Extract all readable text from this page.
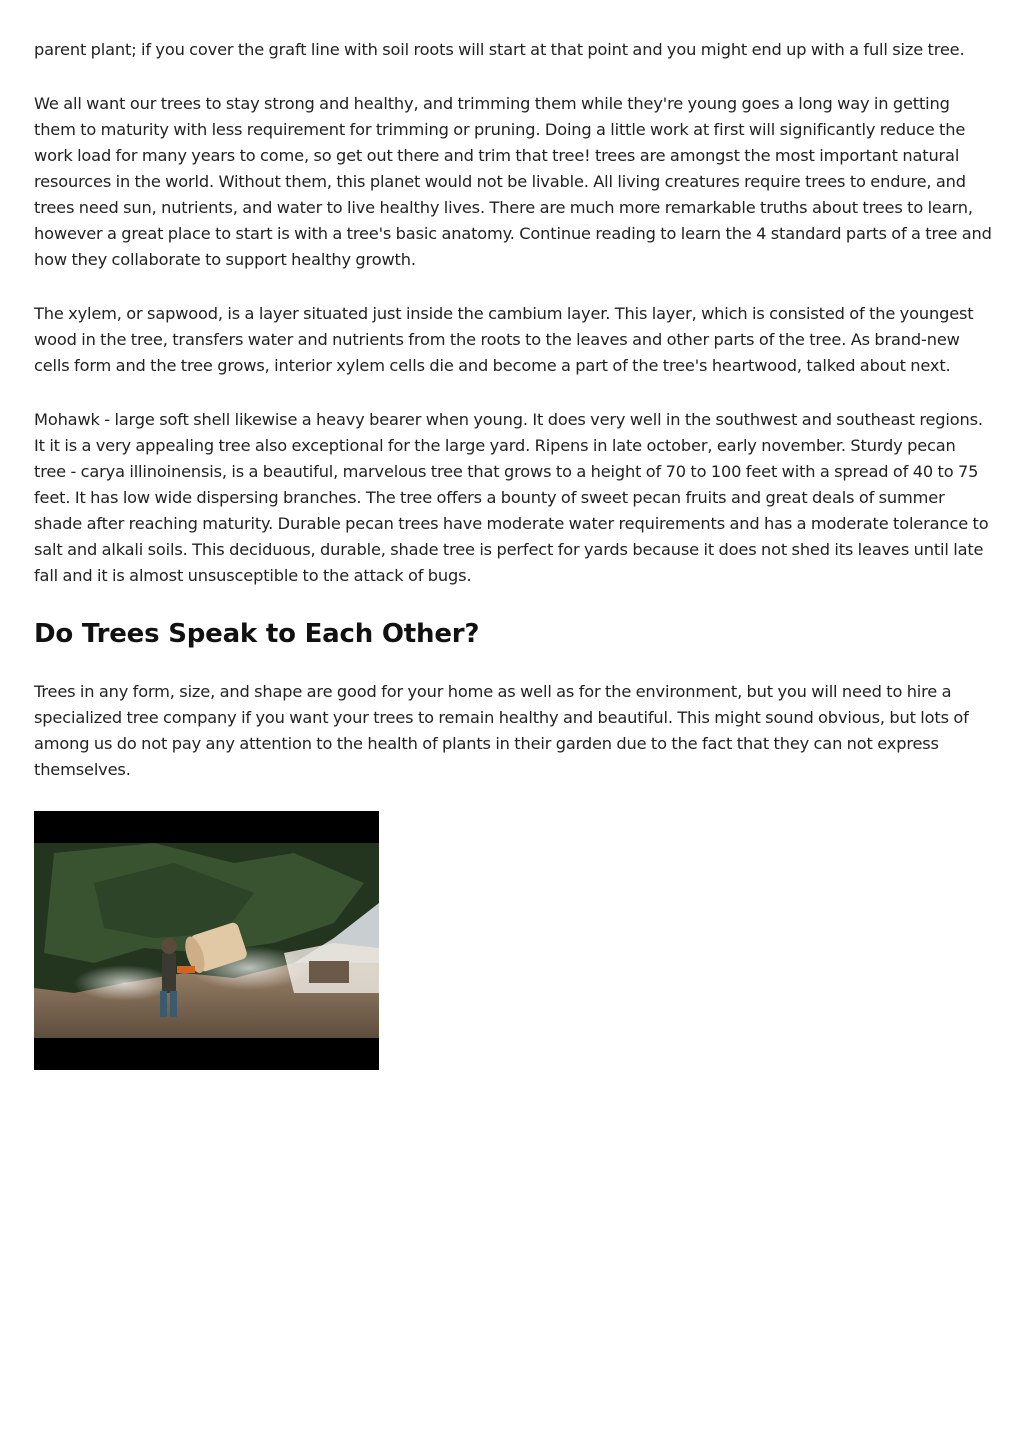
parent plant; if you cover the graft line with soil roots will start at that point and you might end up with a full size tree.

We all want our trees to stay strong and healthy, and trimming them while they're young goes a long way in getting them to maturity with less requirement for trimming or pruning. Doing a little work at first will significantly reduce the work load for many years to come, so get out there and trim that tree! trees are amongst the most important natural resources in the world. Without them, this planet would not be livable. All living creatures require trees to endure, and trees need sun, nutrients, and water to live healthy lives. There are much more remarkable truths about trees to learn, however a great place to start is with a tree's basic anatomy. Continue reading to learn the 4 standard parts of a tree and how they collaborate to support healthy growth.

The xylem, or sapwood, is a layer situated just inside the cambium layer. This layer, which is consisted of the youngest wood in the tree, transfers water and nutrients from the roots to the leaves and other parts of the tree. As brand-new cells form and the tree grows, interior xylem cells die and become a part of the tree's heartwood, talked about next.

Mohawk - large soft shell likewise a heavy bearer when young. It does very well in the southwest and southeast regions. It it is a very appealing tree also exceptional for the large yard. Ripens in late october, early november. Sturdy pecan tree - carya illinoinensis, is a beautiful, marvelous tree that grows to a height of 70 to 100 feet with a spread of 40 to 75 feet. It has low wide dispersing branches. The tree offers a bounty of sweet pecan fruits and great deals of summer shade after reaching maturity. Durable pecan trees have moderate water requirements and has a moderate tolerance to salt and alkali soils. This deciduous, durable, shade tree is perfect for yards because it does not shed its leaves until late fall and it is almost unsusceptible to the attack of bugs.

Do Trees Speak to Each Other?

Trees in any form, size, and shape are good for your home as well as for the environment, but you will need to hire a specialized tree company if you want your trees to remain healthy and beautiful. This might sound obvious, but lots of among us do not pay any attention to the health of plants in their garden due to the fact that they can not express themselves.
